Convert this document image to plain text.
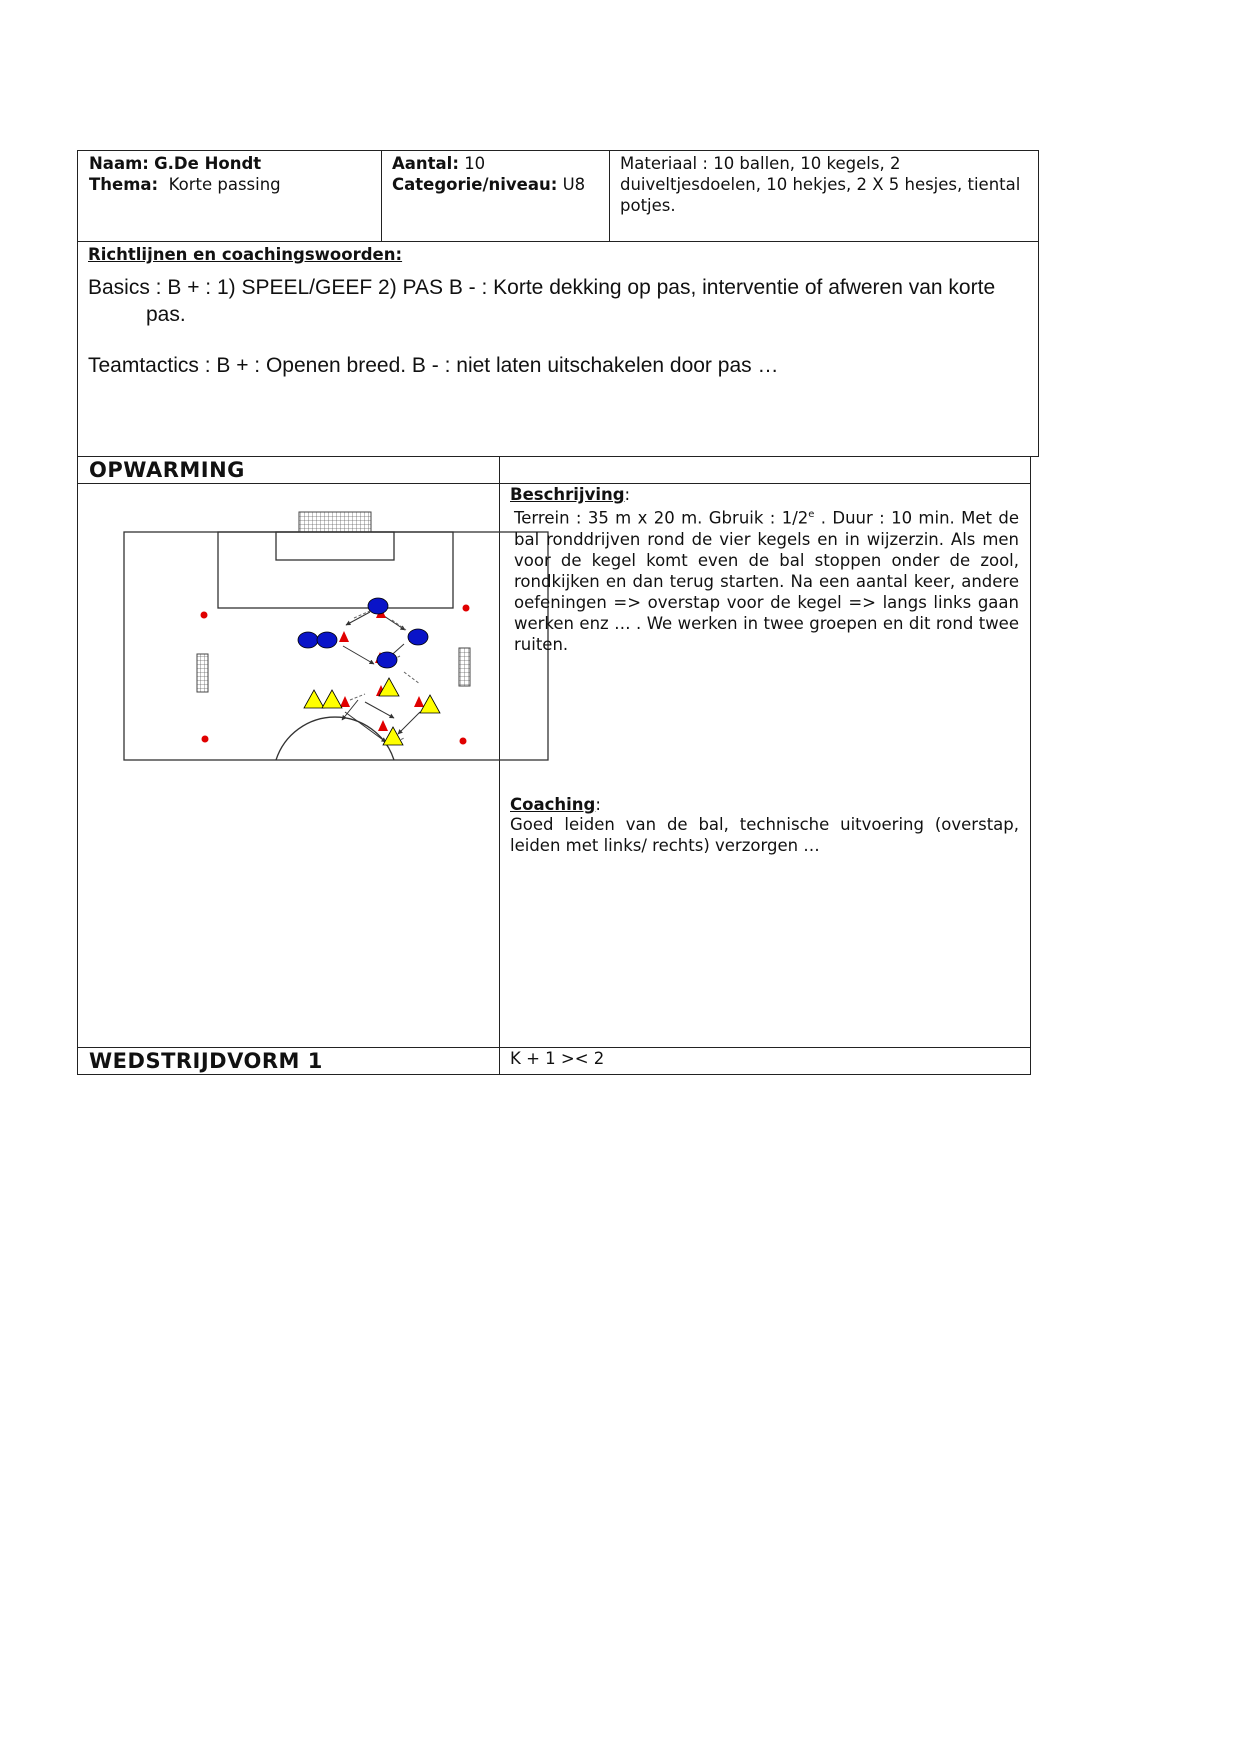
Naam: G.De Hondt
Thema: Korte passing
Aantal: 10
Categorie/niveau: U8
Materiaal : 10 ballen, 10 kegels, 2 duiveltjesdoelen, 10 hekjes, 2 X 5 hesjes, tiental potjes.
Richtlijnen en coachingswoorden:
Basics : B + : 1) SPEEL/GEEF 2) PAS B - : Korte dekking op pas, interventie of afweren van korte pas.
Teamtactics : B + : Openen breed. B - : niet laten uitschakelen door pas …
OPWARMING
Beschrijving:
Terrein : 35 m x 20 m. Gbruik : 1/2e . Duur : 10 min. Met de bal ronddrijven rond de vier kegels en in wijzerzin. Als men voor de kegel komt even de bal stoppen onder de zool, rondkijken en dan terug starten. Na een aantal keer, andere oefeningen => overstap voor de kegel => langs links gaan werken enz … . We werken in twee groepen en dit rond twee ruiten.
Coaching:
Goed leiden van de bal, technische uitvoering (overstap, leiden met links/ rechts) verzorgen …
WEDSTRIJDVORM 1	K + 1 >< 2
